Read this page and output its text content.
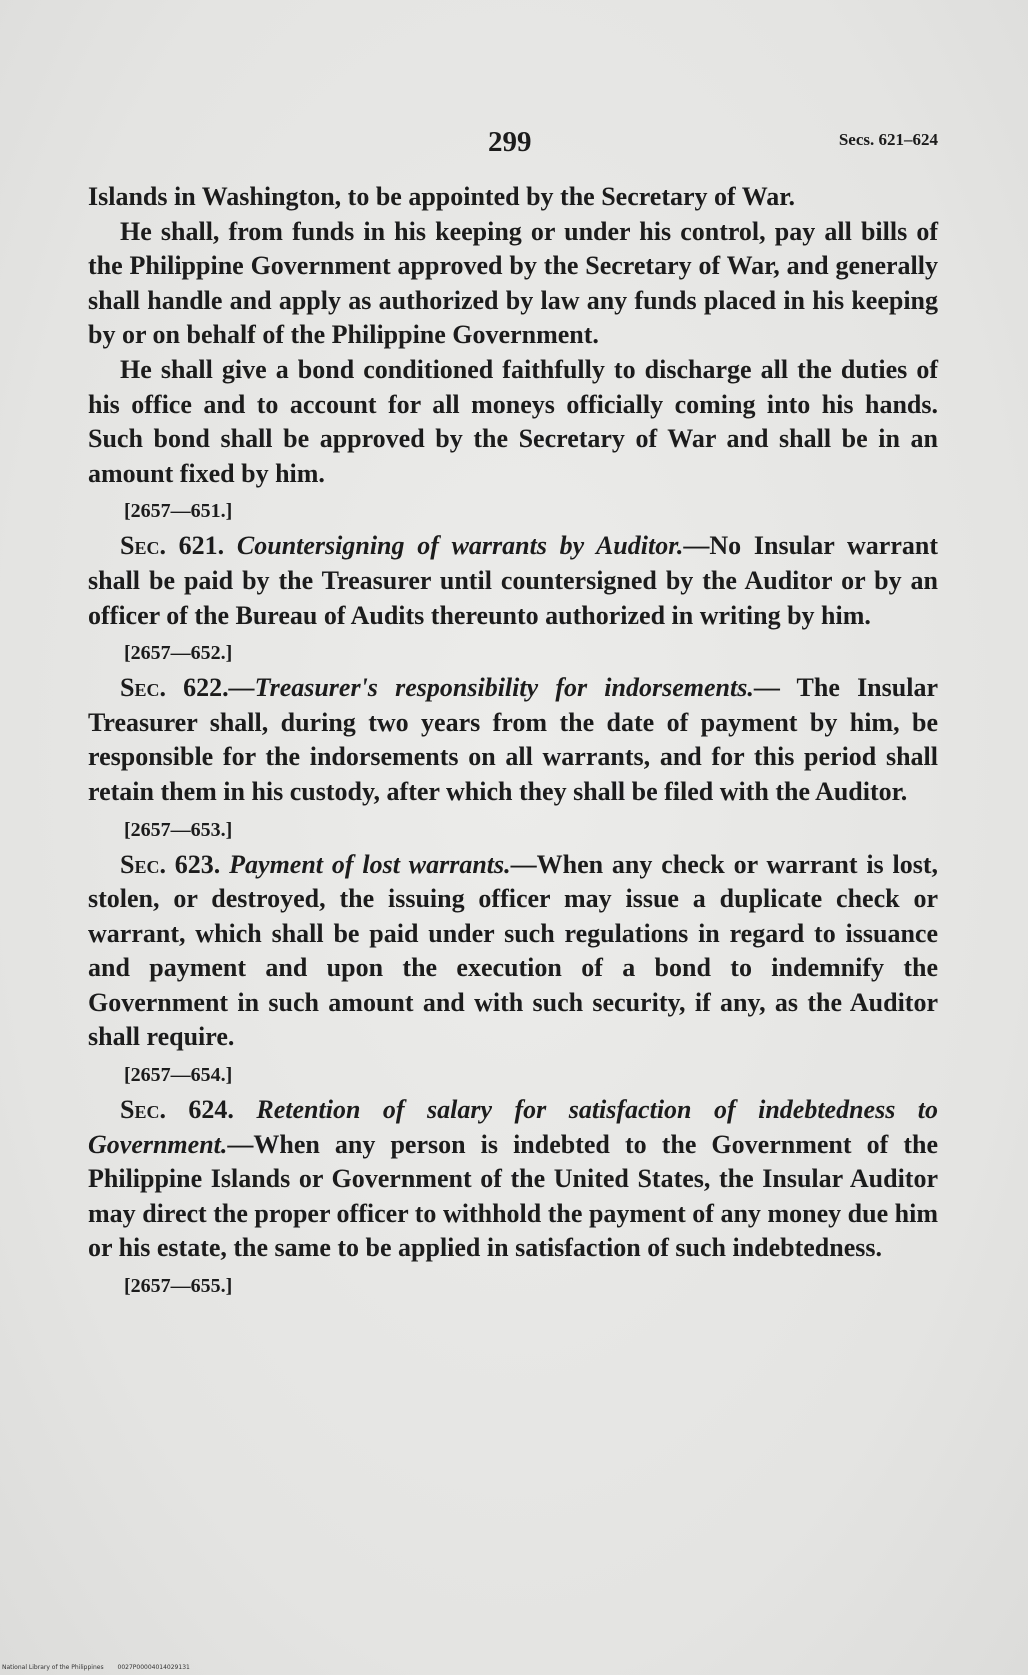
299	Secs. 621–624

Islands in Washington, to be appointed by the Secretary of War.

He shall, from funds in his keeping or under his control, pay all bills of the Philippine Government approved by the Secretary of War, and generally shall handle and apply as authorized by law any funds placed in his keeping by or on behalf of the Philippine Government.

He shall give a bond conditioned faithfully to discharge all the duties of his office and to account for all moneys officially coming into his hands. Such bond shall be approved by the Secretary of War and shall be in an amount fixed by him.

[2657—651.]

Sec. 621. Countersigning of warrants by Auditor.—No Insular warrant shall be paid by the Treasurer until countersigned by the Auditor or by an officer of the Bureau of Audits thereunto authorized in writing by him.

[2657—652.]

Sec. 622.—Treasurer's responsibility for indorsements.— The Insular Treasurer shall, during two years from the date of payment by him, be responsible for the indorsements on all warrants, and for this period shall retain them in his custody, after which they shall be filed with the Auditor.

[2657—653.]

Sec. 623. Payment of lost warrants.—When any check or warrant is lost, stolen, or destroyed, the issuing officer may issue a duplicate check or warrant, which shall be paid under such regulations in regard to issuance and payment and upon the execution of a bond to indemnify the Government in such amount and with such security, if any, as the Auditor shall require.

[2657—654.]

Sec. 624. Retention of salary for satisfaction of indebtedness to Government.—When any person is indebted to the Government of the Philippine Islands or Government of the United States, the Insular Auditor may direct the proper officer to withhold the payment of any money due him or his estate, the same to be applied in satisfaction of such indebtedness.

[2657—655.]

National Library of the Philippines 0027P00004014029131
